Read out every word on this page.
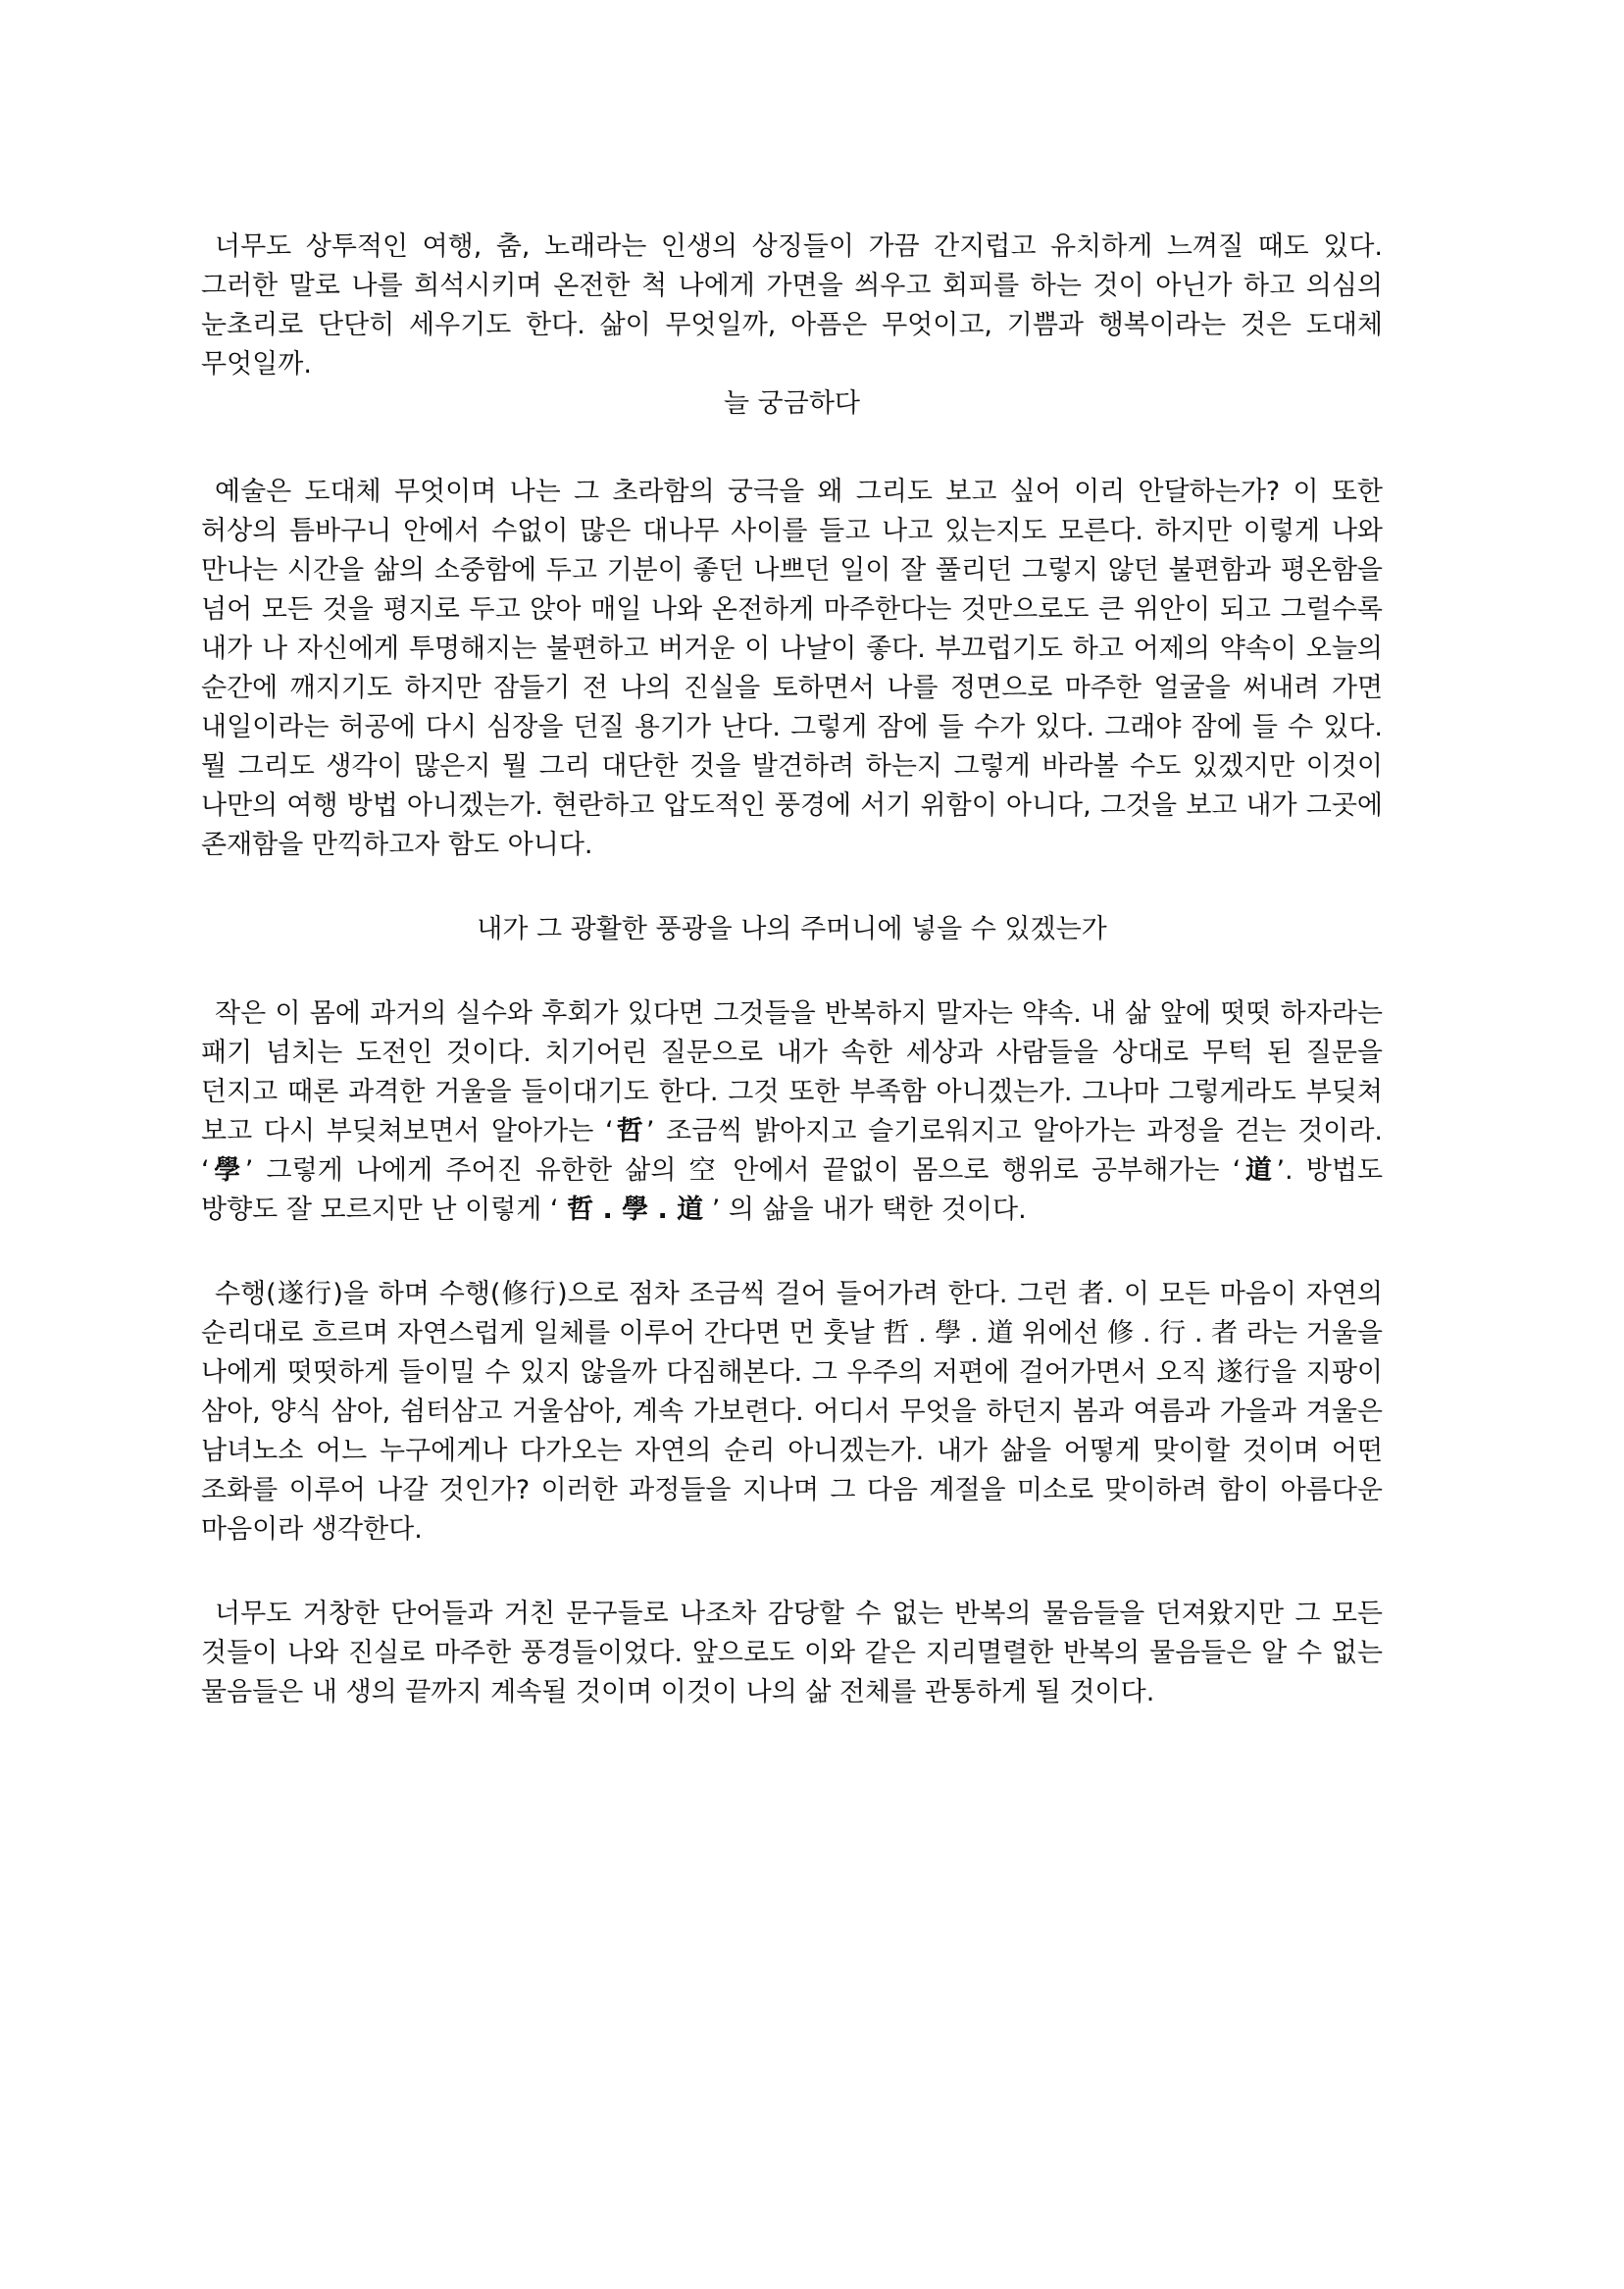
너무도 상투적인 여행, 춤, 노래라는 인생의 상징들이 가끔 간지럽고 유치하게 느껴질 때도 있다. 그러한 말로 나를 희석시키며 온전한 척 나에게 가면을 씌우고 회피를 하는 것이 아닌가 하고 의심의 눈초리로 단단히 세우기도 한다. 삶이 무엇일까, 아픔은 무엇이고, 기쁨과 행복이라는 것은 도대체 무엇일까.

늘 궁금하다

예술은 도대체 무엇이며 나는 그 초라함의 궁극을 왜 그리도 보고 싶어 이리 안달하는가? 이 또한 허상의 틈바구니 안에서 수없이 많은 대나무 사이를 들고 나고 있는지도 모른다. 하지만 이렇게 나와 만나는 시간을 삶의 소중함에 두고 기분이 좋던 나쁘던 일이 잘 풀리던 그렇지 않던 불편함과 평온함을 넘어 모든 것을 평지로 두고 앉아 매일 나와 온전하게 마주한다는 것만으로도 큰 위안이 되고 그럴수록 내가 나 자신에게 투명해지는 불편하고 버거운 이 나날이 좋다. 부끄럽기도 하고 어제의 약속이 오늘의 순간에 깨지기도 하지만 잠들기 전 나의 진실을 토하면서 나를 정면으로 마주한 얼굴을 써내려 가면 내일이라는 허공에 다시 심장을 던질 용기가 난다. 그렇게 잠에 들 수가 있다. 그래야 잠에 들 수 있다. 뭘 그리도 생각이 많은지 뭘 그리 대단한 것을 발견하려 하는지 그렇게 바라볼 수도 있겠지만 이것이 나만의 여행 방법 아니겠는가. 현란하고 압도적인 풍경에 서기 위함이 아니다, 그것을 보고 내가 그곳에 존재함을 만끽하고자 함도 아니다.

내가 그 광활한 풍광을 나의 주머니에 넣을 수 있겠는가

작은 이 몸에 과거의 실수와 후회가 있다면 그것들을 반복하지 말자는 약속. 내 삶 앞에 떳떳 하자라는 패기 넘치는 도전인 것이다. 치기어린 질문으로 내가 속한 세상과 사람들을 상대로 무턱 된 질문을 던지고 때론 과격한 거울을 들이대기도 한다. 그것 또한 부족함 아니겠는가. 그나마 그렇게라도 부딪쳐 보고 다시 부딪쳐보면서 알아가는 ‘哲’ 조금씩 밝아지고 슬기로워지고 알아가는 과정을 걷는 것이라. ‘學’ 그렇게 나에게 주어진 유한한 삶의 空 안에서 끝없이 몸으로 행위로 공부해가는 ‘道’. 방법도 방향도 잘 모르지만 난 이렇게 ‘ 哲 . 學 . 道 ’ 의 삶을 내가 택한 것이다.

수행(遂行)을 하며 수행(修行)으로 점차 조금씩 걸어 들어가려 한다. 그런 者. 이 모든 마음이 자연의 순리대로 흐르며 자연스럽게 일체를 이루어 간다면 먼 훗날 哲 . 學 . 道 위에선 修 . 行 . 者 라는 거울을 나에게 떳떳하게 들이밀 수 있지 않을까 다짐해본다. 그 우주의 저편에 걸어가면서 오직 遂行을 지팡이 삼아, 양식 삼아, 쉼터삼고 거울삼아, 계속 가보련다. 어디서 무엇을 하던지 봄과 여름과 가을과 겨울은 남녀노소 어느 누구에게나 다가오는 자연의 순리 아니겠는가. 내가 삶을 어떻게 맞이할 것이며 어떤 조화를 이루어 나갈 것인가? 이러한 과정들을 지나며 그 다음 계절을 미소로 맞이하려 함이 아름다운 마음이라 생각한다.

너무도 거창한 단어들과 거친 문구들로 나조차 감당할 수 없는 반복의 물음들을 던져왔지만 그 모든 것들이 나와 진실로 마주한 풍경들이었다. 앞으로도 이와 같은 지리멸렬한 반복의 물음들은 알 수 없는 물음들은 내 생의 끝까지 계속될 것이며 이것이 나의 삶 전체를 관통하게 될 것이다.
